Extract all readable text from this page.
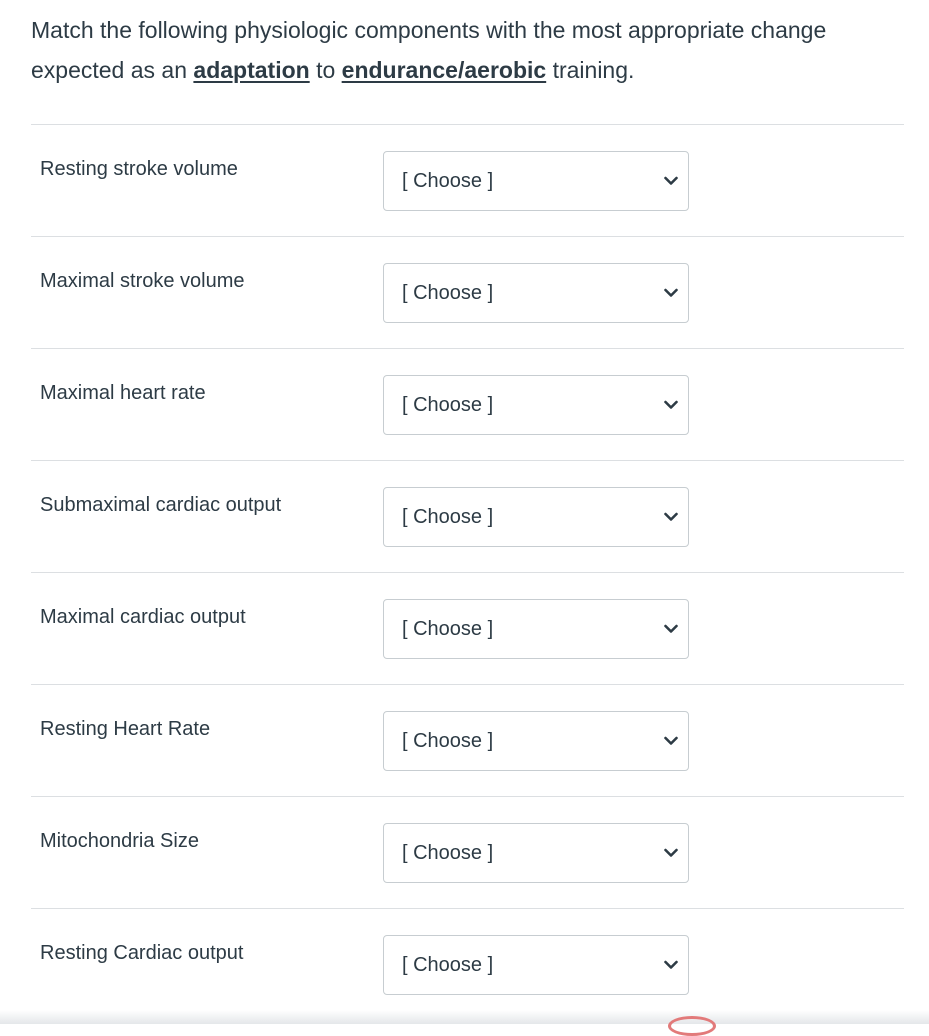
Match the following physiologic components with the most appropriate change expected as an adaptation to endurance/aerobic training.
Resting stroke volume
[ Choose ]
Maximal stroke volume
[ Choose ]
Maximal heart rate
[ Choose ]
Submaximal cardiac output
[ Choose ]
Maximal cardiac output
[ Choose ]
Resting Heart Rate
[ Choose ]
Mitochondria Size
[ Choose ]
Resting Cardiac output
[ Choose ]
